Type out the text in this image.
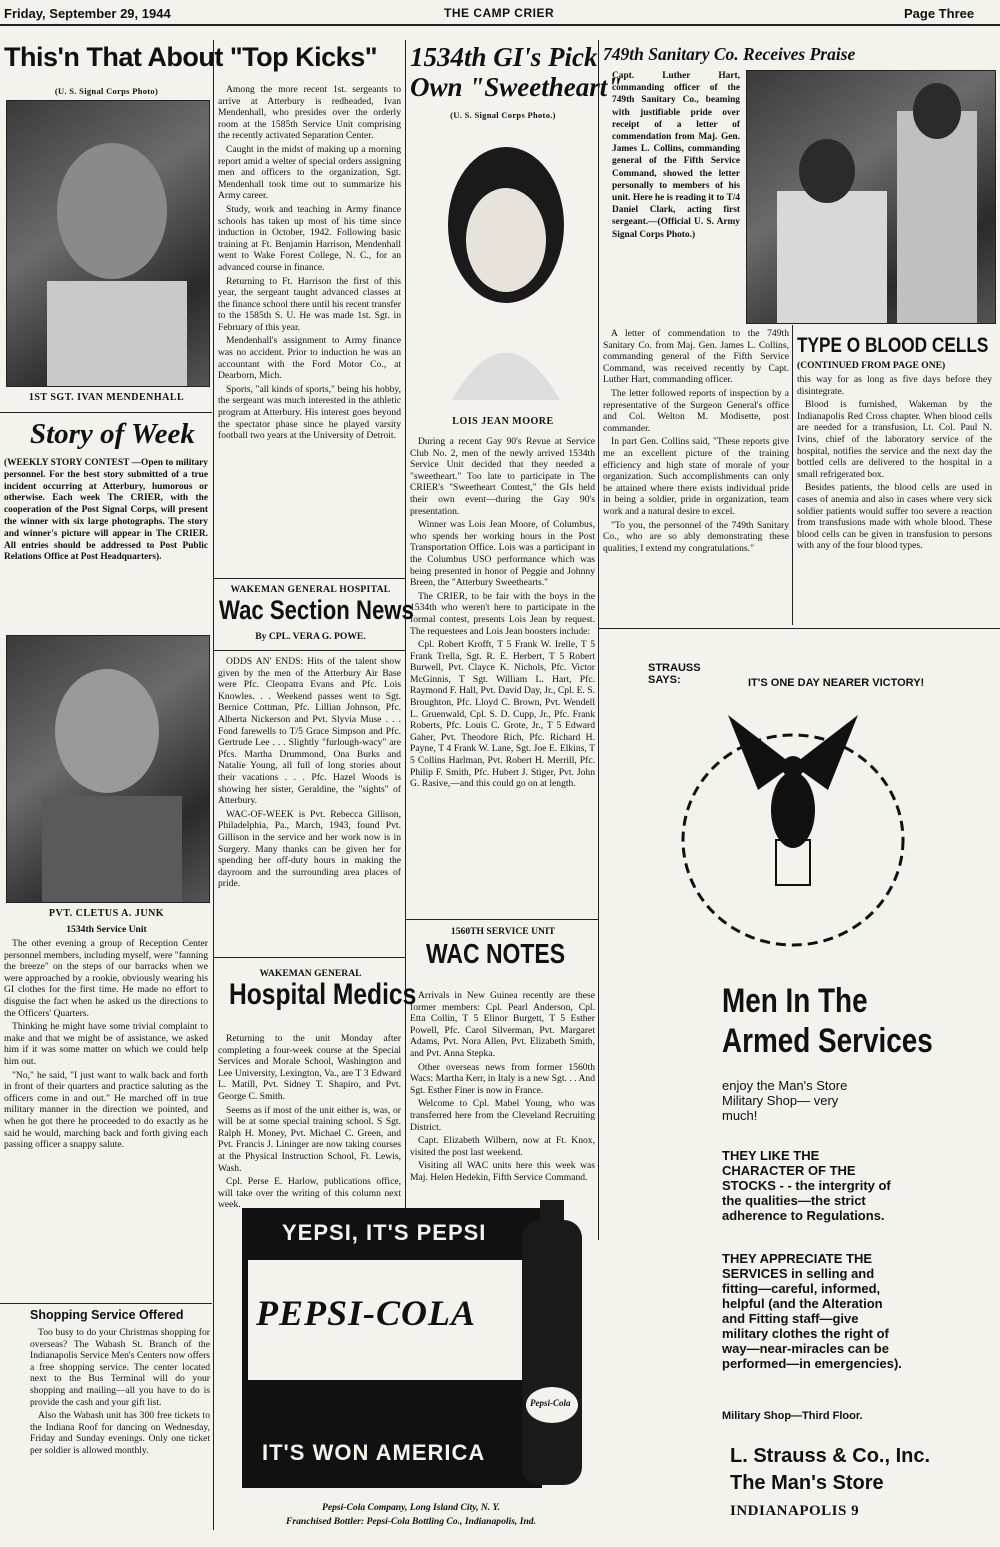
Friday, September 29, 1944	THE CAMP CRIER	Page Three
This'n That About "Top Kicks"
(U. S. Signal Corps Photo)
1ST SGT. IVAN MENDENHALL

Among the more recent 1st. sergeants to arrive at Atterbury is redheaded, Ivan Mendenhall, who presides over the orderly room at the 1585th Service Unit comprising the recently activated Separation Center.

Caught in the midst of making up a morning report amid a welter of special orders assigning men and officers to the organization, Sgt. Mendenhall took time out to summarize his Army career.

Study, work and teaching in Army finance schools has taken up most of his time since induction in October, 1942. Following basic training at Ft. Benjamin Harrison, Mendenhall went to Wake Forest College, N. C., for an advanced course in finance.

Returning to Ft. Harrison the first of this year, the sergeant taught advanced classes at the finance school there until his recent transfer to the 1585th S. U. He was made 1st. Sgt. in February of this year.

Mendenhall's assignment to Army finance was no accident. Prior to induction he was an accountant with the Ford Motor Co., at Dearborn, Mich.

Sports, "all kinds of sports," being his hobby, the sergeant was much interested in the athletic program at Atterbury. His interest goes beyond the spectator phase since he played varsity football two years at the University of Detroit.

Story of Week
(WEEKLY STORY CONTEST —Open to military personnel. For the best story submitted of a true incident occurring at Atterbury, humorous or otherwise. Each week The CRIER, with the cooperation of the Post Signal Corps, will present the winner with six large photographs. The story and winner's picture will appear in The CRIER. All entries should be addressed to Post Public Relations Office at Post Headquarters).
PVT. CLETUS A. JUNK
1534th Service Unit

The other evening a group of Reception Center personnel members, including myself, were "fanning the breeze" on the steps of our barracks when we were approached by a rookie, obviously wearing his GI clothes for the first time. He made no effort to disguise the fact when he asked us the directions to the Officers' Quarters.

Thinking he might have some trivial complaint to make and that we might be of assistance, we asked him if it was some matter on which we could help him out.

"No," he said, "I just want to walk back and forth in front of their quarters and practice saluting as the officers come in and out." He marched off in true military manner in the direction we pointed, and when he got there he proceeded to do exactly as he said he would, marching back and forth giving each passing officer a snappy salute.

Shopping Service Offered

Too busy to do your Christmas shopping for overseas? The Wabash St. Branch of the Indianapolis Service Men's Centers now offers a free shopping service. The center located next to the Bus Terminal will do your shopping and mailing—all you have to do is provide the cash and your gift list.

Also the Wabash unit has 300 free tickets to the Indiana Roof for dancing on Wednesday, Friday and Sunday evenings. Only one ticket per soldier is allowed monthly.

WAKEMAN GENERAL HOSPITAL
Wac Section News
By CPL. VERA G. POWE.

ODDS AN' ENDS: Hits of the talent show given by the men of the Atterbury Air Base were Pfc. Cleopatra Evans and Pfc. Lois Knowles. . . Weekend passes went to Sgt. Bernice Cottman, Pfc. Lillian Johnson, Pfc. Alberta Nickerson and Pvt. Slyvia Muse . . . Fond farewells to T/5 Grace Simpson and Pfc. Gertrude Lee . . . Slightly "furlough-wacy" are Pfcs. Martha Drummond, Ona Burks and Natalie Young, all full of long stories about their vacations . . . Pfc. Hazel Woods is showing her sister, Geraldine, the "sights" of Atterbury.

WAC-OF-WEEK is Pvt. Rebecca Gillison, Philadelphia, Pa., March, 1943, found Pvt. Gillison in the service and her work now is in Surgery. Many thanks can be given her for spending her off-duty hours in making the dayroom and the surrounding area places of pride.

WAKEMAN GENERAL
Hospital Medics

Returning to the unit Monday after completing a four-week course at the Special Services and Morale School, Washington and Lee University, Lexington, Va., are T 3 Edward L. Matill, Pvt. Sidney T. Shapiro, and Pvt. George C. Smith.

Seems as if most of the unit either is, was, or will be at some special training school. S Sgt. Ralph H. Money, Pvt. Michael C. Green, and Pvt. Francis J. Lininger are now taking courses at the Physical Instruction School, Ft. Lewis, Wash.

Cpl. Perse E. Harlow, publications office, will take over the writing of this column next week.

1534th GI's Pick
Own "Sweetheart"
(U. S. Signal Corps Photo.)
LOIS JEAN MOORE

During a recent Gay 90's Revue at Service Club No. 2, men of the newly arrived 1534th Service Unit decided that they needed a "sweetheart." Too late to participate in The CRIER's "Sweetheart Contest," the GIs held their own event—during the Gay 90's presentation.

Winner was Lois Jean Moore, of Columbus, who spends her working hours in the Post Transportation Office. Lois was a participant in the Columbus USO performance which was being presented in honor of Peggie and Johnny Breen, the "Atterbury Sweethearts."

The CRIER, to be fair with the boys in the 1534th who weren't here to participate in the formal contest, presents Lois Jean by request. The requestees and Lois Jean boosters include:

Cpl. Robert Krofft, T 5 Frank W. Irelle, T 5 Frank Trella, Sgt. R. E. Herbert, T 5 Robert Burwell, Pvt. Clayce K. Nichols, Pfc. Victor McGinnis, T Sgt. William L. Hart, Pfc. Raymond F. Hall, Pvt. David Day, Jr., Cpl. E. S. Broughton, Pfc. Lloyd C. Brown, Pvt. Wendell L. Gruenwald, Cpl. S. D. Cupp, Jr., Pfc. Frank Roberts, Pfc. Louis C. Grote, Jr., T 5 Edward Gaher, Pvt. Theodore Rich, Pfc. Richard H. Payne, T 4 Frank W. Lane, Sgt. Joe E. Elkins, T 5 Collins Harlman, Pvt. Robert H. Merrill, Pfc. Philip F. Smith, Pfc. Hubert J. Stiger, Pvt. John G. Rasive,—and this could go on at length.

1560TH SERVICE UNIT
WAC NOTES

Arrivals in New Guinea recently are these former members: Cpl. Pearl Anderson, Cpl. Etta Collin, T 5 Elinor Burgett, T 5 Esther Powell, Pfc. Carol Silverman, Pvt. Margaret Adams, Pvt. Nora Allen, Pvt. Elizabeth Smith, and Pvt. Anna Stepka.

Other overseas news from former 1560th Wacs: Martha Kerr, in Italy is a new Sgt. . . And Sgt. Esther Finer is now in France.

Welcome to Cpl. Mabel Young, who was transferred here from the Cleveland Recruiting District.

Capt. Elizabeth Wilbern, now at Ft. Knox, visited the post last weekend.

Visiting all WAC units here this week was Maj. Helen Hedekin, Fifth Service Command.

YEPSI, IT'S PEPSI
PEPSI-COLA
IT'S WON AMERICA
Pepsi-Cola
Pepsi-Cola Company, Long Island City, N. Y.
Franchised Bottler: Pepsi-Cola Bottling Co., Indianapolis, Ind.
749th Sanitary Co. Receives Praise
Capt. Luther Hart, commanding officer of the 749th Sanitary Co., beaming with justifiable pride over receipt of a letter of commendation from Maj. Gen. James L. Collins, commanding general of the Fifth Service Command, showed the letter personally to members of his unit. Here he is reading it to T/4 Daniel Clark, acting first sergeant.—(Official U. S. Army Signal Corps Photo.)

A letter of commendation to the 749th Sanitary Co. from Maj. Gen. James L. Collins, commanding general of the Fifth Service Command, was received recently by Capt. Luther Hart, commanding officer.

The letter followed reports of inspection by a representative of the Surgeon General's office and Col. Welton M. Modisette, post commander.

In part Gen. Collins said, "These reports give me an excellent picture of the training efficiency and high state of morale of your organization. Such accomplishments can only be attained where there exists individual pride in being a soldier, pride in organization, team work and a natural desire to excel.

"To you, the personnel of the 749th Sanitary Co., who are so ably demonstrating these qualities, I extend my congratulations."

TYPE O BLOOD CELLS
(CONTINUED FROM PAGE ONE)

this way for as long as five days before they disintegrate.

Blood is furnished, Wakeman by the Indianapolis Red Cross chapter. When blood cells are needed for a transfusion, Lt. Col. Paul N. Ivins, chief of the laboratory service of the hospital, notifies the service and the next day the bottled cells are delivered to the hospital in a small refrigerated box.

Besides patients, the blood cells are used in cases of anemia and also in cases where very sick soldier patients would suffer too severe a reaction from transfusions made with whole blood. These blood cells can be given in transfusion to persons with any of the four blood types.

STRAUSS SAYS:	IT'S ONE DAY NEARER VICTORY!
Men In The
Armed Services
enjoy the Man's Store Military Shop— very much!
THEY LIKE THE CHARACTER OF THE STOCKS - - the intergrity of the qualities—the strict adherence to Regulations.
THEY APPRECIATE THE SERVICES in selling and fitting—careful, informed, helpful (and the Alteration and Fitting staff—give military clothes the right of way—near-miracles can be performed—in emergencies).
Military Shop—Third Floor.
L. Strauss & Co., Inc.
The Man's Store
INDIANAPOLIS 9
